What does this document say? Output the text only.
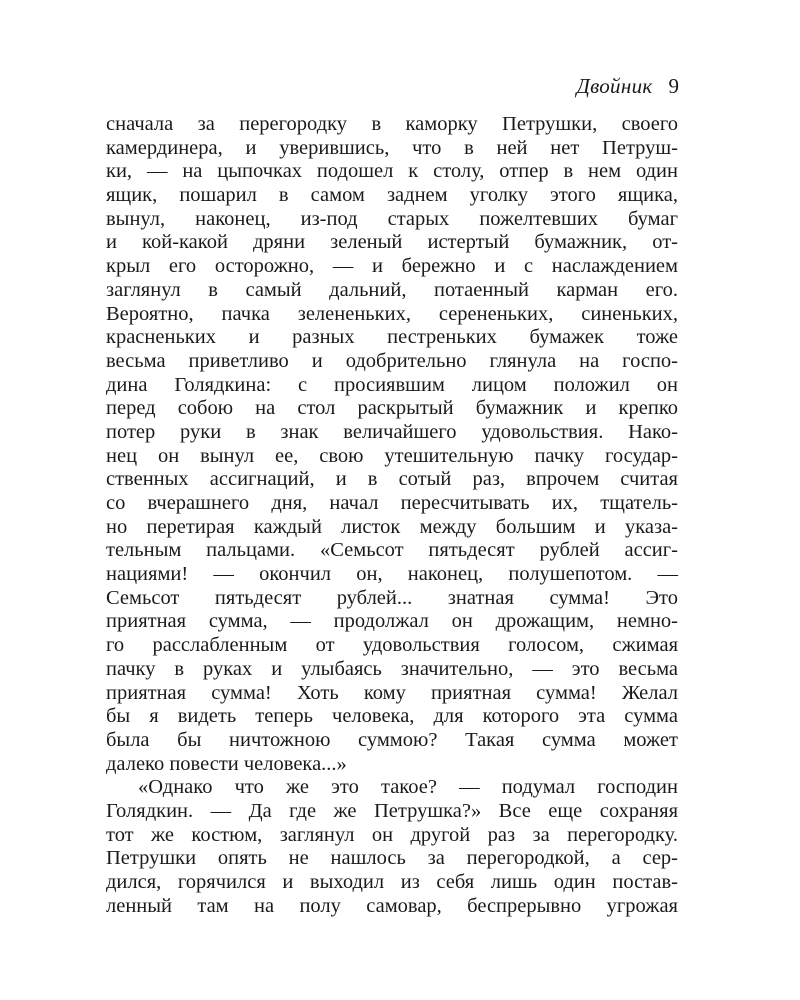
Двойник 9
сначала за перегородку в каморку Петрушки, своего
камердинера, и уверившись, что в ней нет Петруш-
ки, — на цыпочках подошел к столу, отпер в нем один
ящик, пошарил в самом заднем уголку этого ящика,
вынул, наконец, из-под старых пожелтевших бумаг
и кой-какой дряни зеленый истертый бумажник, от-
крыл его осторожно, — и бережно и с наслаждением
заглянул в самый дальний, потаенный карман его.
Вероятно, пачка зелененьких, серененьких, синеньких,
красненьких и разных пестреньких бумажек тоже
весьма приветливо и одобрительно глянула на госпо-
дина Голядкина: с просиявшим лицом положил он
перед собою на стол раскрытый бумажник и крепко
потер руки в знак величайшего удовольствия. Нако-
нец он вынул ее, свою утешительную пачку государ-
ственных ассигнаций, и в сотый раз, впрочем считая
со вчерашнего дня, начал пересчитывать их, тщатель-
но перетирая каждый листок между большим и указа-
тельным пальцами. «Семьсот пятьдесят рублей ассиг-
нациями! — окончил он, наконец, полушепотом. —
Семьсот пятьдесят рублей... знатная сумма! Это
приятная сумма, — продолжал он дрожащим, немно-
го расслабленным от удовольствия голосом, сжимая
пачку в руках и улыбаясь значительно, — это весьма
приятная сумма! Хоть кому приятная сумма! Желал
бы я видеть теперь человека, для которого эта сумма
была бы ничтожною суммою? Такая сумма может
далеко повести человека...»
«Однако что же это такое? — подумал господин
Голядкин. — Да где же Петрушка?» Все еще сохраняя
тот же костюм, заглянул он другой раз за перегородку.
Петрушки опять не нашлось за перегородкой, а сер-
дился, горячился и выходил из себя лишь один постав-
ленный там на полу самовар, беспрерывно угрожая
